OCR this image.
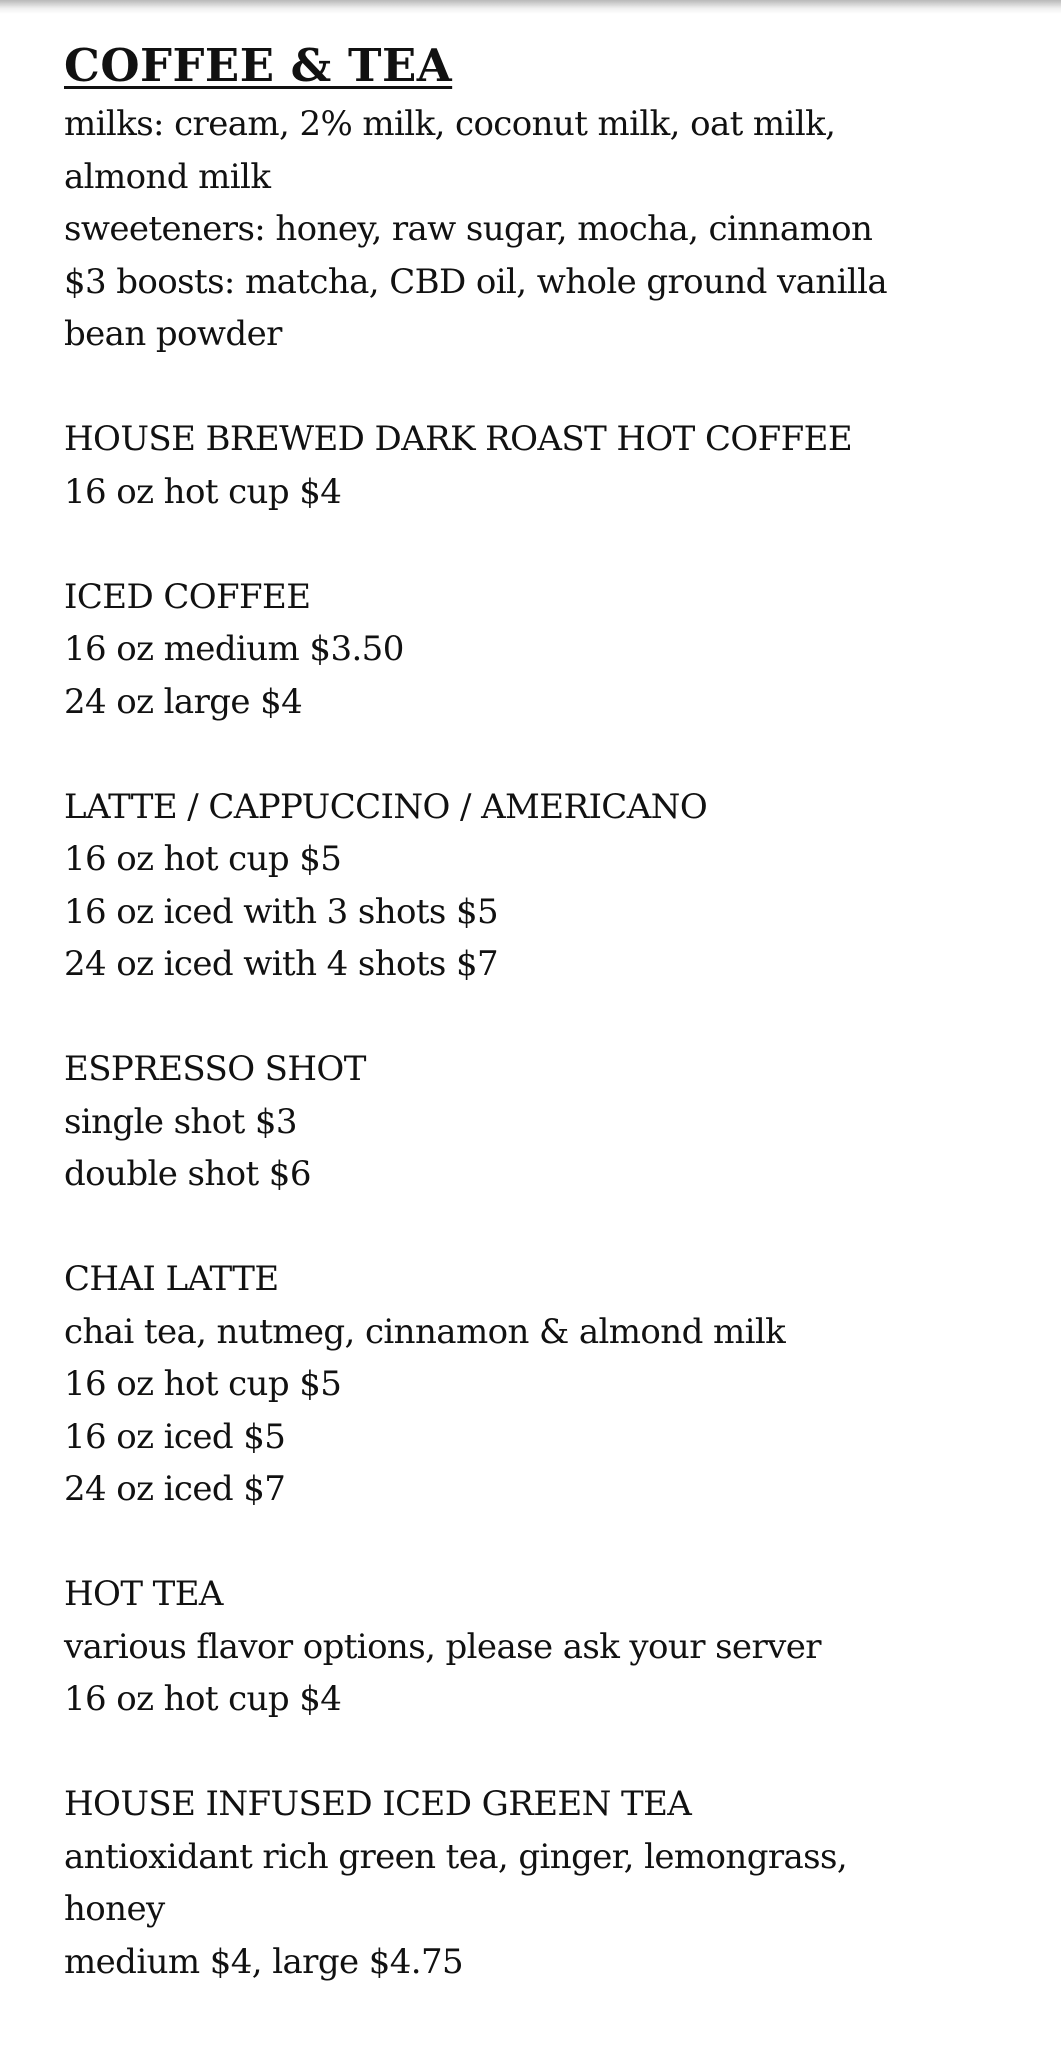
COFFEE & TEA
milks: cream, 2% milk, coconut milk, oat milk,
almond milk
sweeteners: honey, raw sugar, mocha, cinnamon
$3 boosts: matcha, CBD oil, whole ground vanilla
bean powder
HOUSE BREWED DARK ROAST HOT COFFEE
16 oz hot cup $4
ICED COFFEE
16 oz medium $3.50
24 oz large $4
LATTE / CAPPUCCINO / AMERICANO
16 oz hot cup $5
16 oz iced with 3 shots $5
24 oz iced with 4 shots $7
ESPRESSO SHOT
single shot $3
double shot $6
CHAI LATTE
chai tea, nutmeg, cinnamon & almond milk
16 oz hot cup $5
16 oz iced $5
24 oz iced $7
HOT TEA
various flavor options, please ask your server
16 oz hot cup $4
HOUSE INFUSED ICED GREEN TEA
antioxidant rich green tea, ginger, lemongrass,
honey
medium $4, large $4.75
